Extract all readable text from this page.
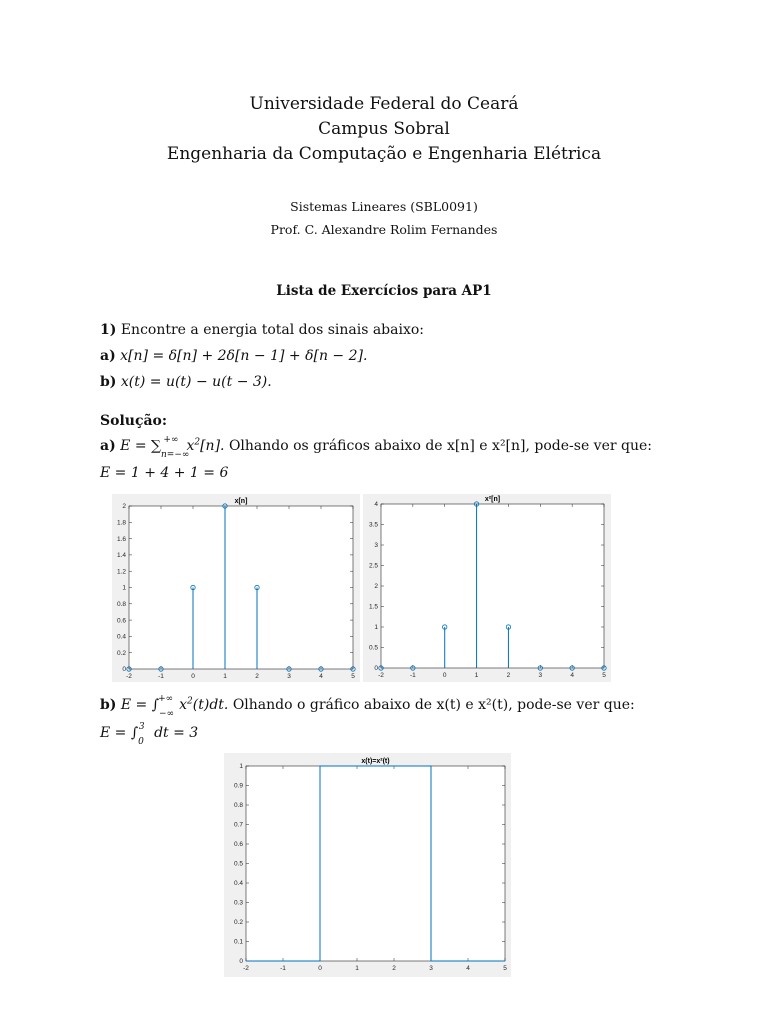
Universidade Federal do Ceará
Campus Sobral
Engenharia da Computação e Engenharia Elétrica
Sistemas Lineares (SBL0091)
Prof. C. Alexandre Rolim Fernandes
Lista de Exercícios para AP1
1) Encontre a energia total dos sinais abaixo:
a) x[n] = δ[n] + 2δ[n − 1] + δ[n − 2].
b) x(t) = u(t) − u(t − 3).
Solução:
a) $E = \sum_{n=-\infty}^{+\infty}$ $x^2[n]$. Olhando os gráficos abaixo de x[n] e x²[n], pode-se ver que:
E = 1 + 4 + 1 = 6
x[n]
-2	-1	0	1	2	3	4	5
0
0.2
0.4
0.6
0.8
1
1.2
1.4
1.6
1.8
2
x²[n]
-2	-1	0	1	2	3	4	5
0
0.5
1
1.5
2
2.5
3
3.5
4
b) $E = \int_{-\infty}^{+\infty}$ $x^2(t)dt$. Olhando o gráfico abaixo de x(t) e x²(t), pode-se ver que:
$E = \int_0^3$ dt = 3
x(t)=x²(t)
-2	-1	0	1	2	3	4	5
0
0.1
0.2
0.3
0.4
0.5
0.6
0.7
0.8
0.9
1
